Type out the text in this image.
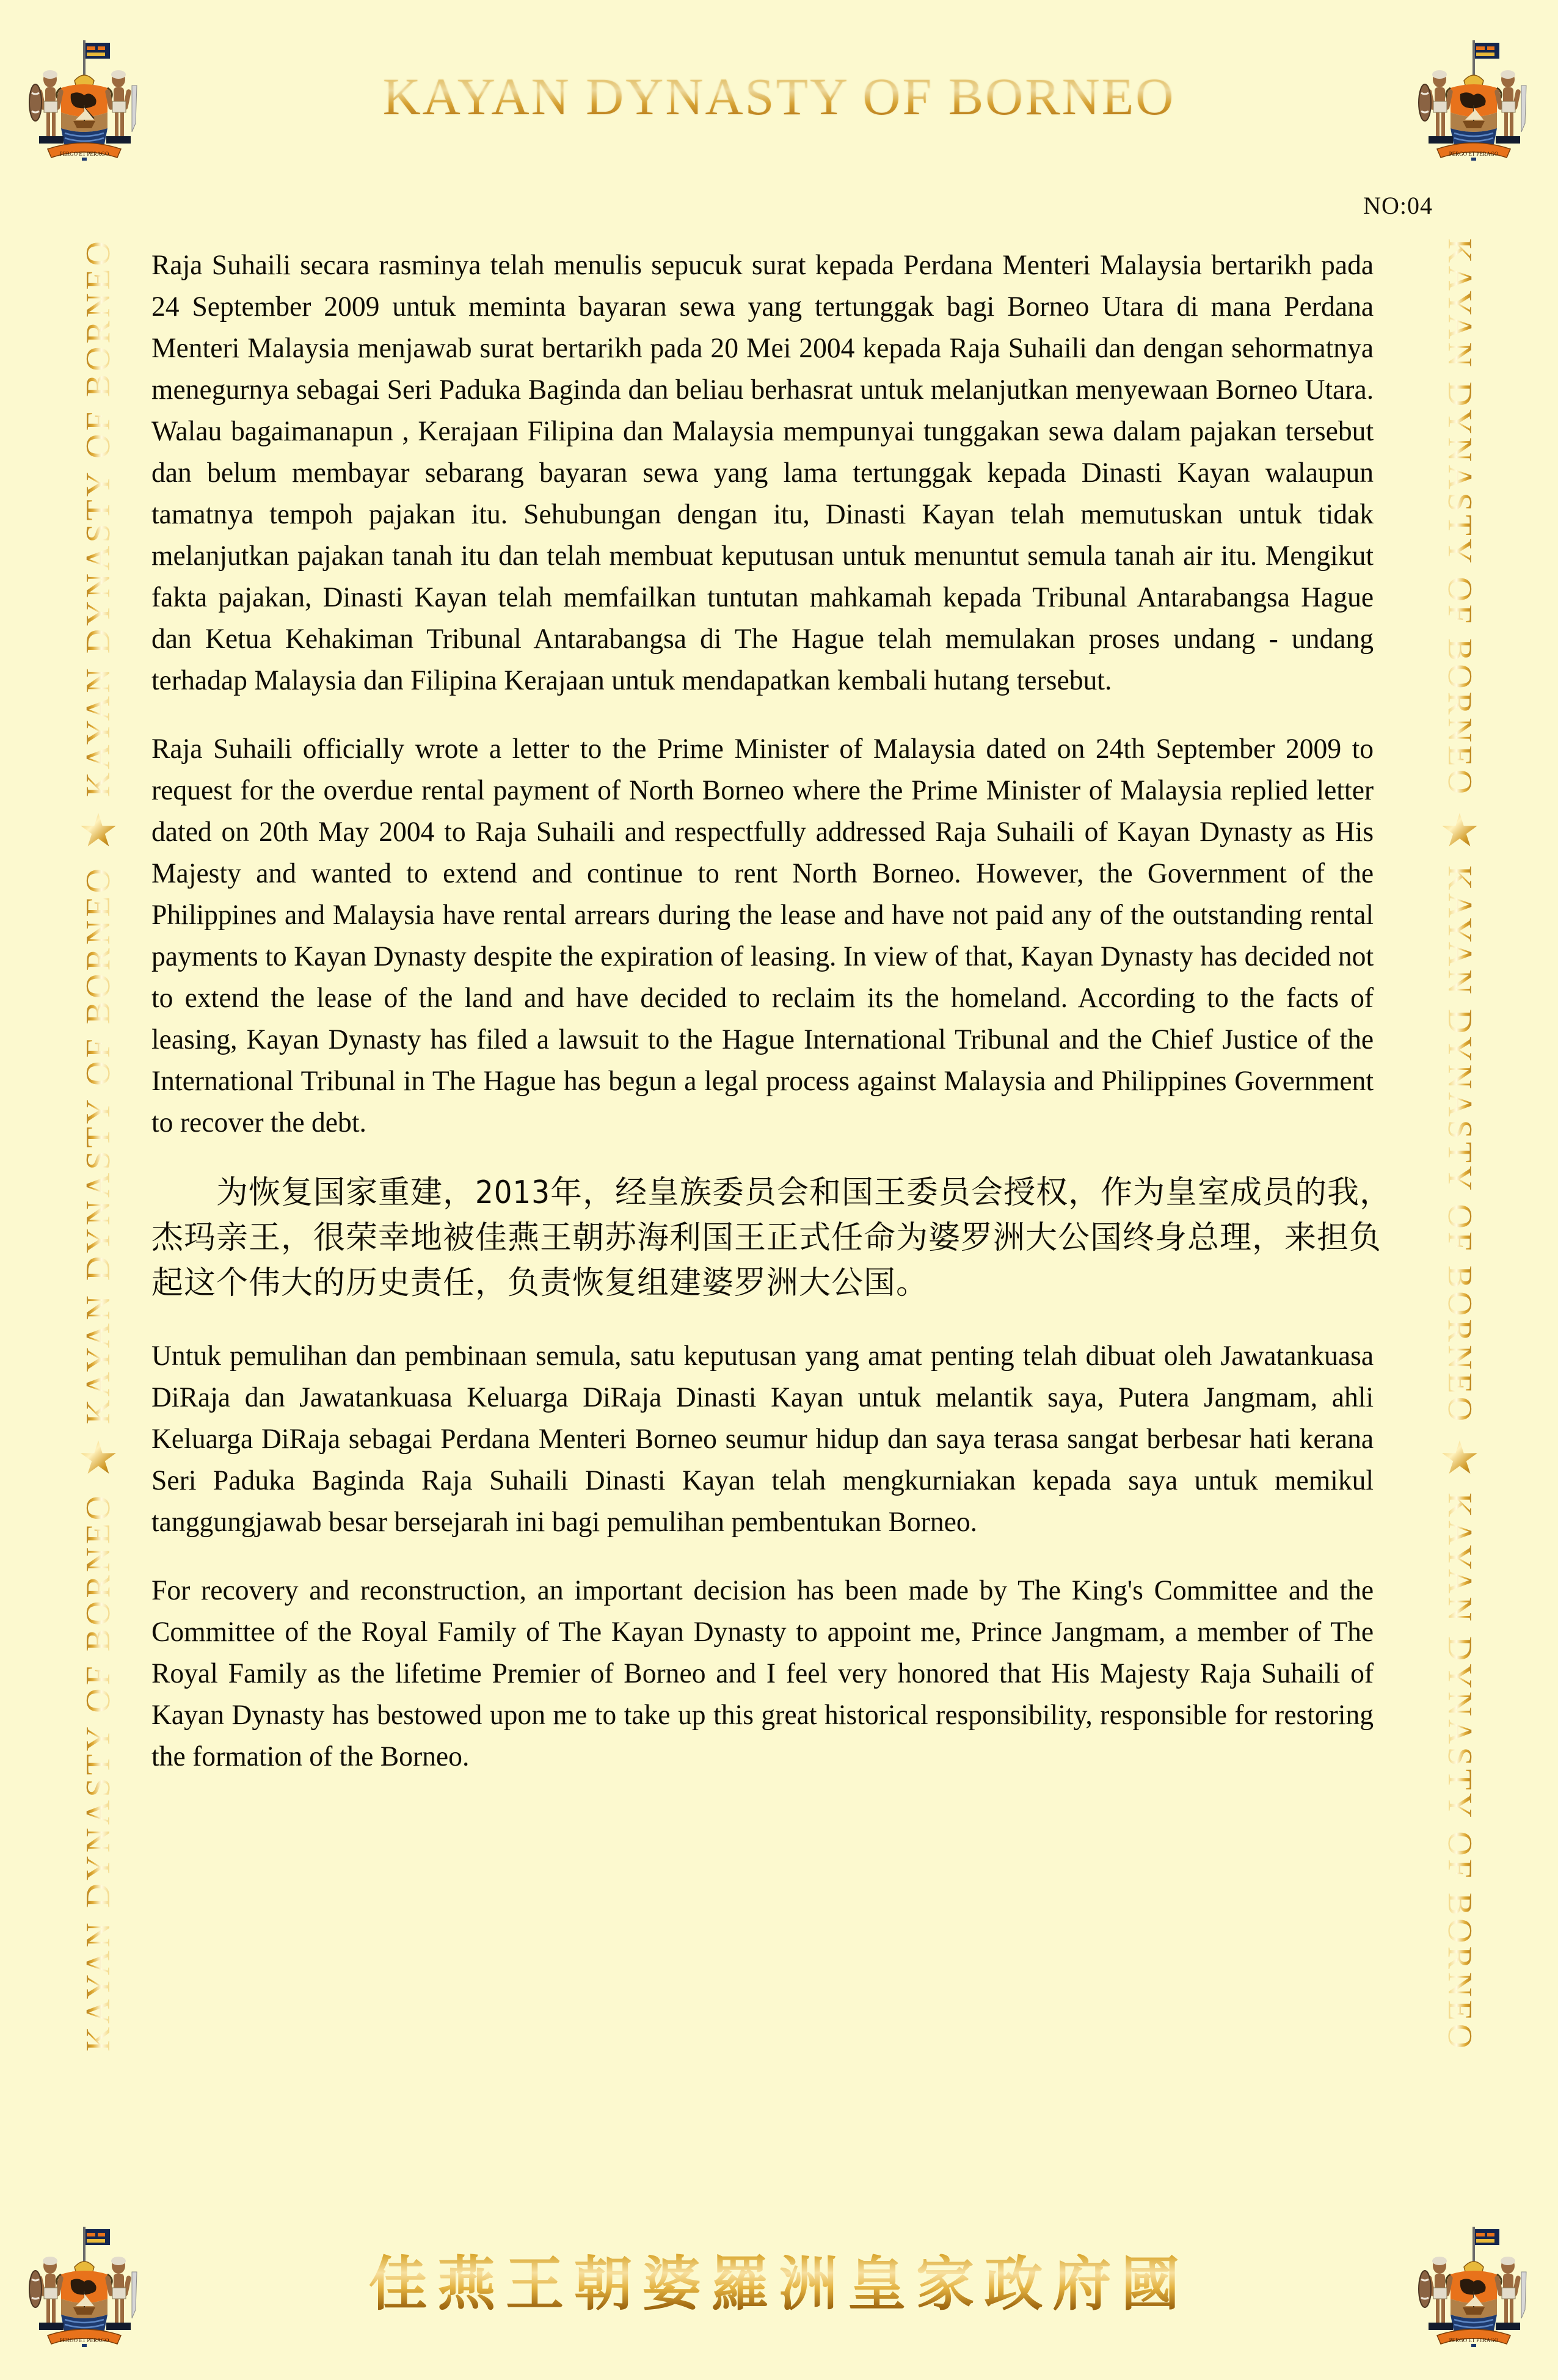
KAYAN DYNASTY OF BORNEO
NO:04
PERGO ET PERAGO	PERGO ET PERAGO
PERGO ET PERAGO	PERGO ET PERAGO
KAYAN DYNASTY OF BORNEO
KAYAN DYNASTY OF BORNEO
KAYAN DYNASTY OF BORNEO
KAYAN DYNASTY OF BORNEO
KAYAN DYNASTY OF BORNEO
KAYAN DYNASTY OF BORNEO

Raja Suhaili secara rasminya telah menulis sepucuk surat kepada Perdana Menteri Malaysia bertarikh pada 24 September 2009 untuk meminta bayaran sewa yang tertunggak bagi Borneo Utara di mana Perdana Menteri Malaysia menjawab surat bertarikh pada 20 Mei 2004 kepada Raja Suhaili dan dengan sehormatnya menegurnya sebagai Seri Paduka Baginda dan beliau berhasrat untuk melanjutkan menyewaan Borneo Utara. Walau bagaimanapun , Kerajaan Filipina dan Malaysia mempunyai tunggakan sewa dalam pajakan tersebut dan belum membayar sebarang bayaran sewa yang lama tertunggak kepada Dinasti Kayan walaupun tamatnya tempoh pajakan itu. Sehubungan dengan itu, Dinasti Kayan telah memutuskan untuk tidak melanjutkan pajakan tanah itu dan telah membuat keputusan untuk menuntut semula tanah air itu. Mengikut fakta pajakan, Dinasti Kayan telah memfailkan tuntutan mahkamah kepada Tribunal Antarabangsa Hague dan Ketua Kehakiman Tribunal Antarabangsa di The Hague telah memulakan proses undang - undang terhadap Malaysia dan Filipina Kerajaan untuk mendapatkan kembali hutang tersebut.

Raja Suhaili officially wrote a letter to the Prime Minister of Malaysia dated on 24th September 2009 to request for the overdue rental payment of North Borneo where the Prime Minister of Malaysia replied letter dated on 20th May 2004 to Raja Suhaili and respectfully addressed Raja Suhaili of Kayan Dynasty as His Majesty and wanted to extend and continue to rent North Borneo. However, the Government of the Philippines and Malaysia have rental arrears during the lease and have not paid any of the outstanding rental payments to Kayan Dynasty despite the expiration of leasing. In view of that, Kayan Dynasty has decided not to extend the lease of the land and have decided to reclaim its the homeland. According to the facts of leasing, Kayan Dynasty has filed a lawsuit to the Hague International Tribunal and the Chief Justice of the International Tribunal in The Hague has begun a legal process against Malaysia and Philippines Government to recover the debt.

为恢复国家重建，2013年，经皇族委员会和国王委员会授权，作为皇室成员的我，杰玛亲王，很荣幸地被佳燕王朝苏海利国王正式任命为婆罗洲大公国终身总理，来担负起这个伟大的历史责任，负责恢复组建婆罗洲大公国。

Untuk pemulihan dan pembinaan semula, satu keputusan yang amat penting telah dibuat oleh Jawatankuasa DiRaja dan Jawatankuasa Keluarga DiRaja Dinasti Kayan untuk melantik saya, Putera Jangmam, ahli Keluarga DiRaja sebagai Perdana Menteri Borneo seumur hidup dan saya terasa sangat berbesar hati kerana Seri Paduka Baginda Raja Suhaili Dinasti Kayan telah mengkurniakan kepada saya untuk memikul tanggungjawab besar bersejarah ini bagi pemulihan pembentukan Borneo.

For recovery and reconstruction, an important decision has been made by The King's Committee and the Committee of the Royal Family of The Kayan Dynasty to appoint me, Prince Jangmam, a member of The Royal Family as the lifetime Premier of Borneo and I feel very honored that His Majesty Raja Suhaili of Kayan Dynasty has bestowed upon me to take up this great historical responsibility, responsible for restoring the formation of the Borneo.

佳燕王朝婆羅洲皇家政府國
